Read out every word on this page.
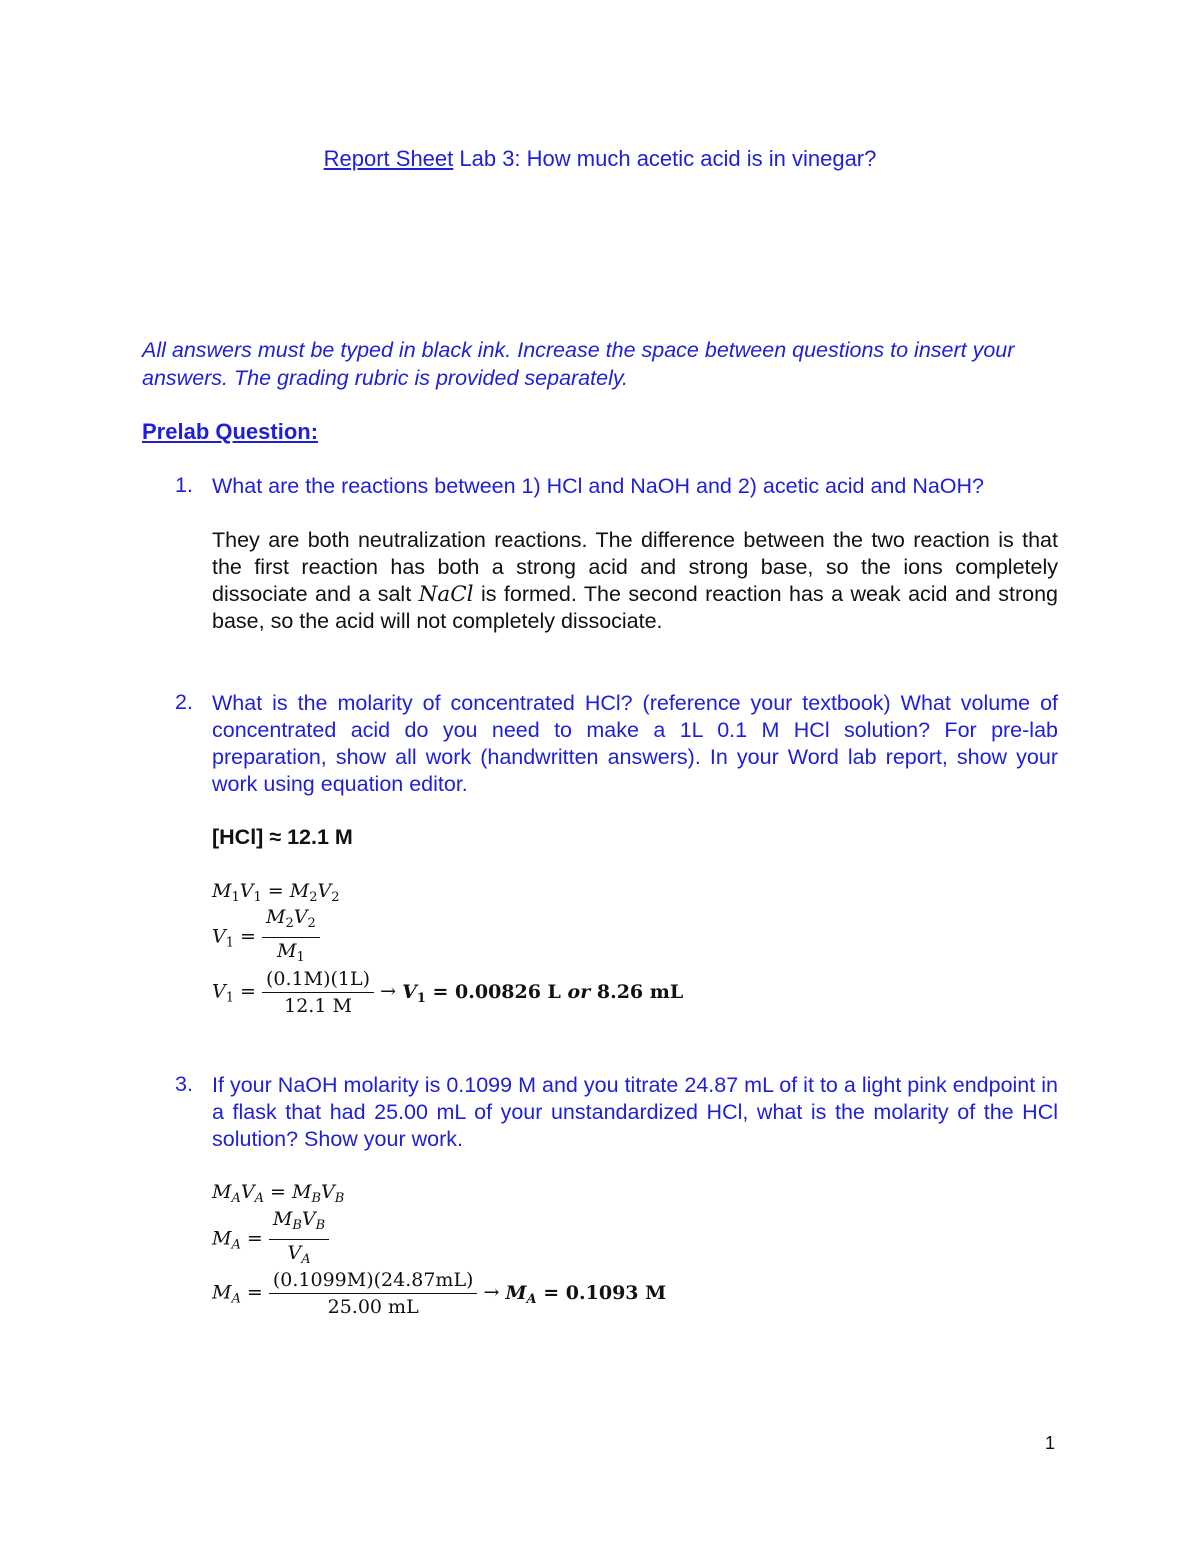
Report Sheet Lab 3: How much acetic acid is in vinegar?
All answers must be typed in black ink. Increase the space between questions to insert your answers. The grading rubric is provided separately.
Prelab Question:
1. What are the reactions between 1) HCl and NaOH and 2) acetic acid and NaOH?
They are both neutralization reactions. The difference between the two reaction is that the first reaction has both a strong acid and strong base, so the ions completely dissociate and a salt NaCl is formed. The second reaction has a weak acid and strong base, so the acid will not completely dissociate.
2. What is the molarity of concentrated HCl? (reference your textbook) What volume of concentrated acid do you need to make a 1L 0.1 M HCl solution? For pre-lab preparation, show all work (handwritten answers). In your Word lab report, show your work using equation editor.
[HCl] ≈ 12.1 M
$M_1V_1 = M_2V_2$
$V_1 = \frac{M_2V_2}{M_1}$
$V_1 = \frac{(0.1M)(1L)}{12.1 M} \to V_1 = 0.00826$ L or 8.26 mL
3. If your NaOH molarity is 0.1099 M and you titrate 24.87 mL of it to a light pink endpoint in a flask that had 25.00 mL of your unstandardized HCl, what is the molarity of the HCl solution? Show your work.
$M_AV_A = M_BV_B$
$M_A = \frac{M_BV_B}{V_A}$
$M_A = \frac{(0.1099M)(24.87mL)}{25.00 mL} \to M_A = 0.1093$ M
1
